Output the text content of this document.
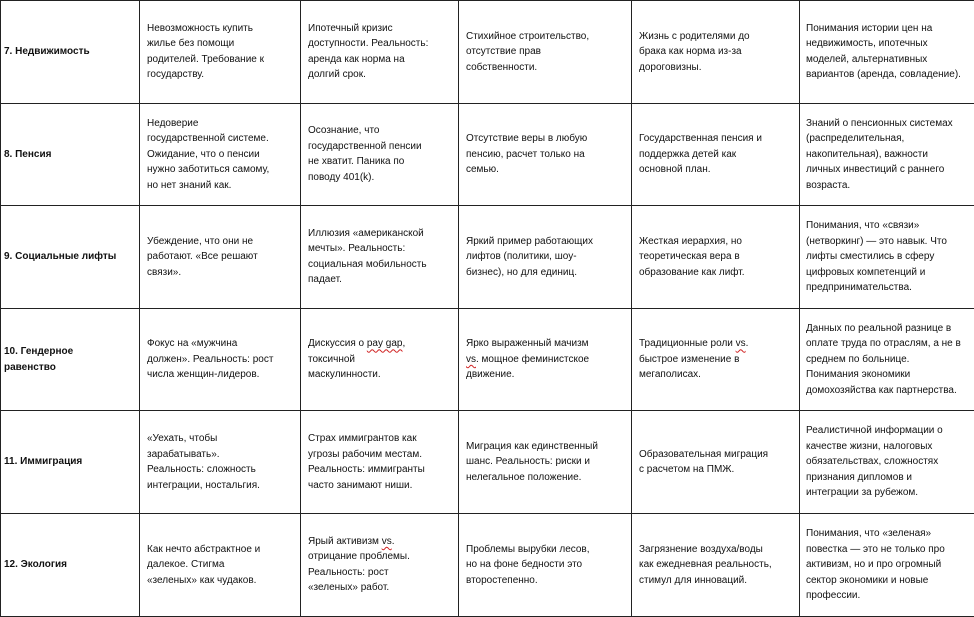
7. Недвижимость	Невозможность купить
жилье без помощи
родителей. Требование к
государству.	Ипотечный кризис
доступности. Реальность:
аренда как норма на
долгий срок.	Стихийное строительство,
отсутствие прав
собственности.	Жизнь с родителями до
брака как норма из-за
дороговизны.	Понимания истории цен на
недвижимость, ипотечных
моделей, альтернативных
вариантов (аренда, совладение).

8. Пенсия	Недоверие
государственной системе.
Ожидание, что о пенсии
нужно заботиться самому,
но нет знаний как.	Осознание, что
государственной пенсии
не хватит. Паника по
поводу 401(k).	Отсутствие веры в любую
пенсию, расчет только на
семью.	Государственная пенсия и
поддержка детей как
основной план.	Знаний о пенсионных системах
(распределительная,
накопительная), важности
личных инвестиций с раннего
возраста.

9. Социальные лифты	Убеждение, что они не
работают. «Все решают
связи».	Иллюзия «американской
мечты». Реальность:
социальная мобильность
падает.	Яркий пример работающих
лифтов (политики, шоу-
бизнес), но для единиц.	Жесткая иерархия, но
теоретическая вера в
образование как лифт.	Понимания, что «связи»
(нетворкинг) — это навык. Что
лифты сместились в сферу
цифровых компетенций и
предпринимательства.

10. Гендерное
равенство	Фокус на «мужчина
должен». Реальность: рост
числа женщин-лидеров.	Дискуссия о pay gap,
токсичной
маскулинности.	Ярко выраженный мачизм
vs. мощное феминистское
движение.	Традиционные роли vs.
быстрое изменение в
мегаполисах.	Данных по реальной разнице в
оплате труда по отраслям, а не в
среднем по больнице.
Понимания экономики
домохозяйства как партнерства.

11. Иммиграция	«Уехать, чтобы
зарабатывать».
Реальность: сложность
интеграции, ностальгия.	Страх иммигрантов как
угрозы рабочим местам.
Реальность: иммигранты
часто занимают ниши.	Миграция как единственный
шанс. Реальность: риски и
нелегальное положение.	Образовательная миграция
с расчетом на ПМЖ.	Реалистичной информации о
качестве жизни, налоговых
обязательствах, сложностях
признания дипломов и
интеграции за рубежом.

12. Экология	Как нечто абстрактное и
далекое. Стигма
«зеленых» как чудаков.	Ярый активизм vs.
отрицание проблемы.
Реальность: рост
«зеленых» работ.	Проблемы вырубки лесов,
но на фоне бедности это
второстепенно.	Загрязнение воздуха/воды
как ежедневная реальность,
стимул для инноваций.	Понимания, что «зеленая»
повестка — это не только про
активизм, но и про огромный
сектор экономики и новые
профессии.
